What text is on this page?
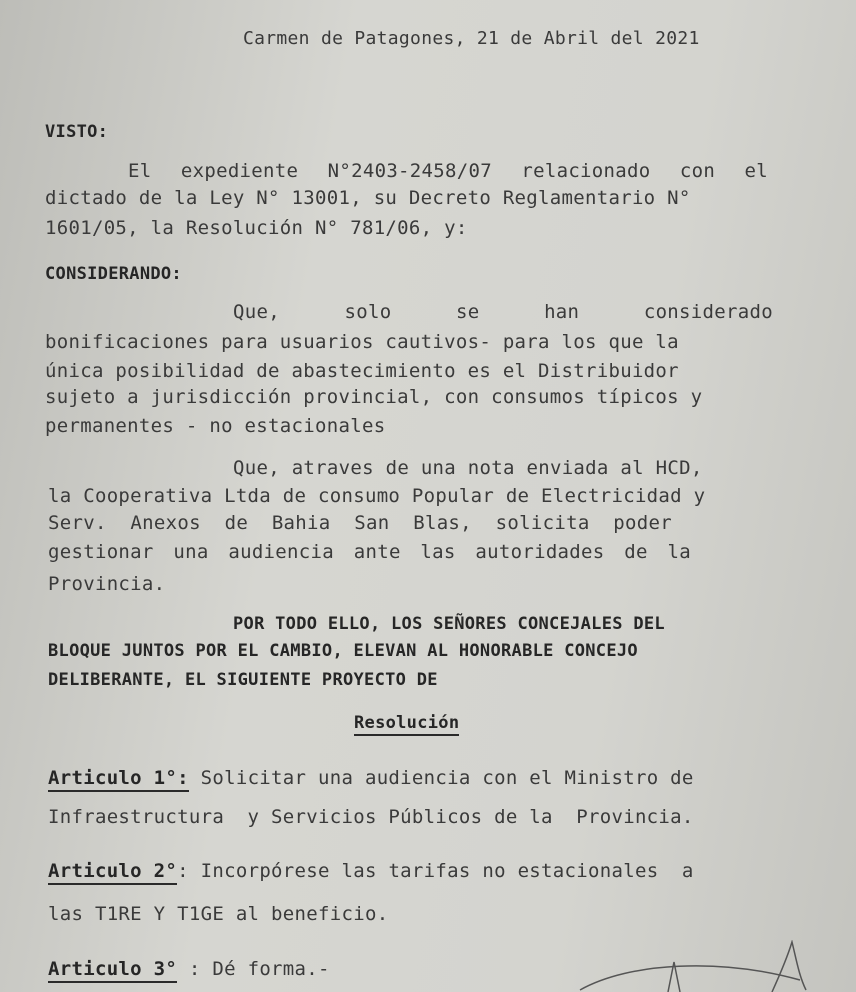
Carmen de Patagones, 21 de Abril del 2021
VISTO:
El expediente N°2403-2458/07 relacionado con el
dictado de la Ley N° 13001, su Decreto Reglamentario N°
1601/05, la Resolución N° 781/06, y:
CONSIDERANDO:
Que,	solo	se	han	considerado
bonificaciones para usuarios cautivos- para los que la
única posibilidad de abastecimiento es el Distribuidor
sujeto a jurisdicción provincial, con consumos típicos y
permanentes - no estacionales
Que, atraves de una nota enviada al HCD,
la Cooperativa Ltda de consumo Popular de Electricidad y
Serv. Anexos de Bahia San Blas, solicita poder
gestionar una audiencia ante las autoridades de la
Provincia.
POR TODO ELLO, LOS SEÑORES CONCEJALES DEL
BLOQUE JUNTOS POR EL CAMBIO, ELEVAN AL HONORABLE CONCEJO
DELIBERANTE, EL SIGUIENTE PROYECTO DE
Resolución
Articulo 1°: Solicitar una audiencia con el Ministro de
Infraestructura  y Servicios Públicos de la  Provincia.
Articulo 2°: Incorpórese las tarifas no estacionales  a
las T1RE Y T1GE al beneficio.
Articulo 3° : Dé forma.-
